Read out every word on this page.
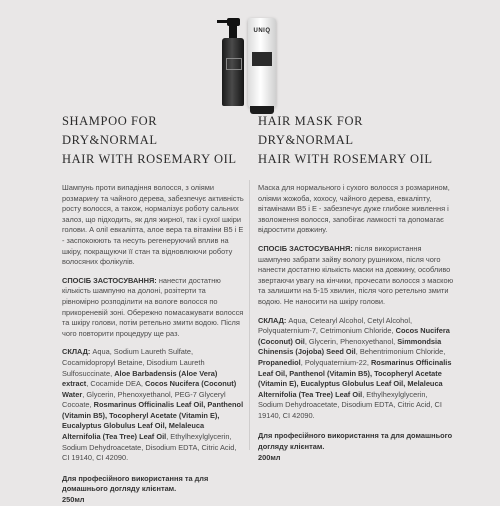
UNIQ
SHAMPOO FOR DRY&NORMAL
HAIR WITH ROSEMARY OIL

Шампунь проти випадіння волосся, з оліями розмарину та чайного дерева, забезпечує активність росту волосся, а також, нормалізує роботу сальних залоз, що підходить, як для жирної, так і сухої шкіри голови. А олії евкаліпта, алое вера та вітаміни B5 і E - заспокоюють та несуть регенеруючий вплив на шкіру, покращуючи її стан та відновлюючи роботу волосяних фолікулів.

СПОСІБ ЗАСТОСУВАННЯ: нанести достатню кількість шампуню на долоні, розітерти та рівномірно розподілити на вологе волосся по прикореневій зоні. Обережно помасажувати волосся та шкіру голови, потім ретельно змити водою. Після чого повторити процедуру ще раз.

СКЛАД: Aqua, Sodium Laureth Sulfate, Cocamidopropyl Betaine, Disodium Laureth Sulfosuccinate, Aloe Barbadensis (Aloe Vera) extract, Cocamide DEA, Cocos Nucifera (Coconut) Water, Glycerin, Phenoxyethanol, PEG-7 Glyceryl Cocoate, Rosmarinus Officinalis Leaf Oil, Panthenol (Vitamin B5), Tocopheryl Acetate (Vitamin E), Eucalyptus Globulus Leaf Oil, Melaleuca Alternifolia (Tea Tree) Leaf Oil, Ethylhexylglycerin, Sodium Dehydroacetate, Disodium EDTA, Citric Acid, CI 19140, CI 42090.

Для професійного використання та для
домашнього догляду клієнтам.
250мл

HAIR MASK FOR DRY&NORMAL
HAIR WITH ROSEMARY OIL

Маска для нормального і сухого волосся з розмарином, оліями жожоба, хохосу, чайного дерева, евкаліпту, вітамінами B5 і E - забезпечує дуже глибоке живлення і зволоження волосся, запобігає ламкості та допомагає відростити довжину.

СПОСІБ ЗАСТОСУВАННЯ: після використання шампуню забрати зайву вологу рушником, після чого нанести достатню кількість маски на довжину, особливо звертаючи увагу на кінчики, прочесати волосся з маскою та залишити на 5-15 хвилин, після чого ретельно змити водою. Не наносити на шкіру голови.

СКЛАД: Aqua, Cetearyl Alcohol, Cetyl Alcohol, Polyquaternium-7, Cetrimonium Chloride, Cocos Nucifera (Coconut) Oil, Glycerin, Phenoxyethanol, Simmondsia Chinensis (Jojoba) Seed Oil, Behentrimonium Chloride, Propanediol, Polyquaternium-22, Rosmarinus Officinalis Leaf Oil, Panthenol (Vitamin B5), Tocopheryl Acetate (Vitamin E), Eucalyptus Globulus Leaf Oil, Melaleuca Alternifolia (Tea Tree) Leaf Oil, Ethylhexylglycerin, Sodium Dehydroacetate, Disodium EDTA, Citric Acid, CI 19140, CI 42090.

Для професійного використання та для домашнього
догляду клієнтам.
200мл
